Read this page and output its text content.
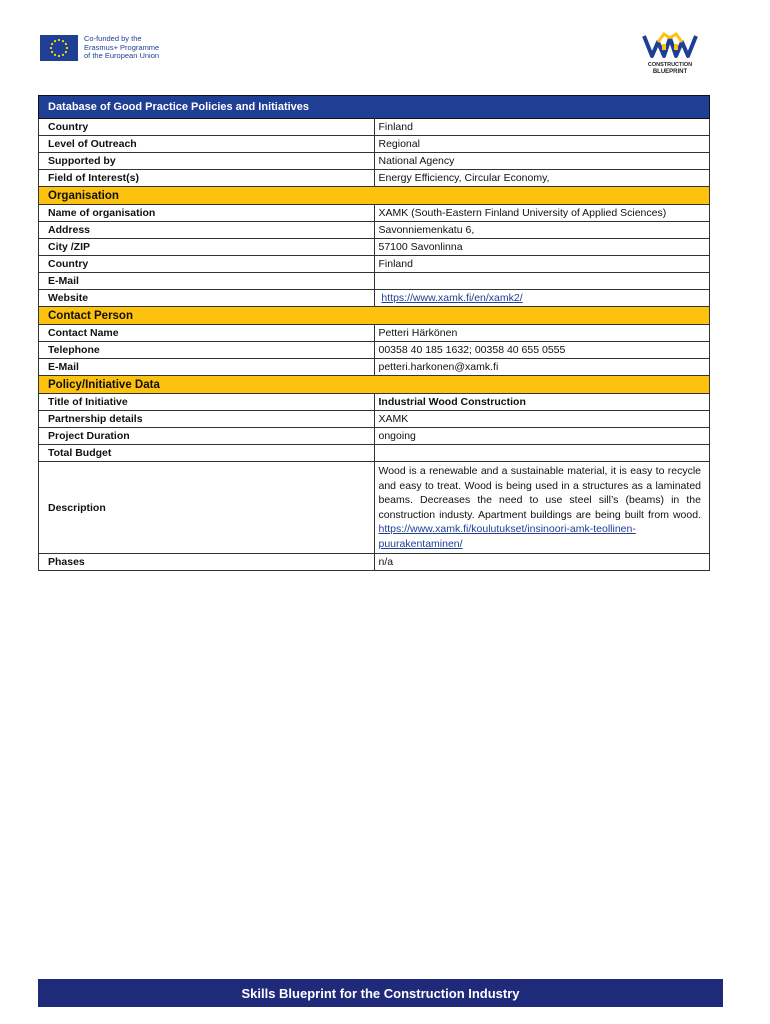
Co-funded by the
Erasmus+ Programme
of the European Union
CONSTRUCTION
BLUEPRINT
Database of Good Practice Policies and Initiatives	
Country	Finland
Level of Outreach	Regional
Supported by	National Agency
Field of Interest(s)	Energy Efficiency, Circular Economy,
Organisation	
Name of organisation	XAMK (South-Eastern Finland University of Applied Sciences)
Address	Savonniemenkatu 6,
City /ZIP	57100 Savonlinna
Country	Finland
E-Mail	
Website	https://www.xamk.fi/en/xamk2/
Contact Person	
Contact Name	Petteri Härkönen
Telephone	00358 40 185 1632; 00358 40 655 0555
E-Mail	petteri.harkonen@xamk.fi
Policy/Initiative Data	
Title of Initiative	Industrial Wood Construction
Partnership details	XAMK
Project Duration	ongoing
Total Budget	
Description	Wood is a renewable and a sustainable material, it is easy to recycle and easy to treat. Wood is being used in a structures as a laminated beams. Decreases the need to use steel sill’s (beams) in the construction industy. Apartment buildings are being built from wood. https://www.xamk.fi/koulutukset/insinoori-amk-teollinen-puurakentaminen/
Phases	n/a
Skills Blueprint for the Construction Industry
